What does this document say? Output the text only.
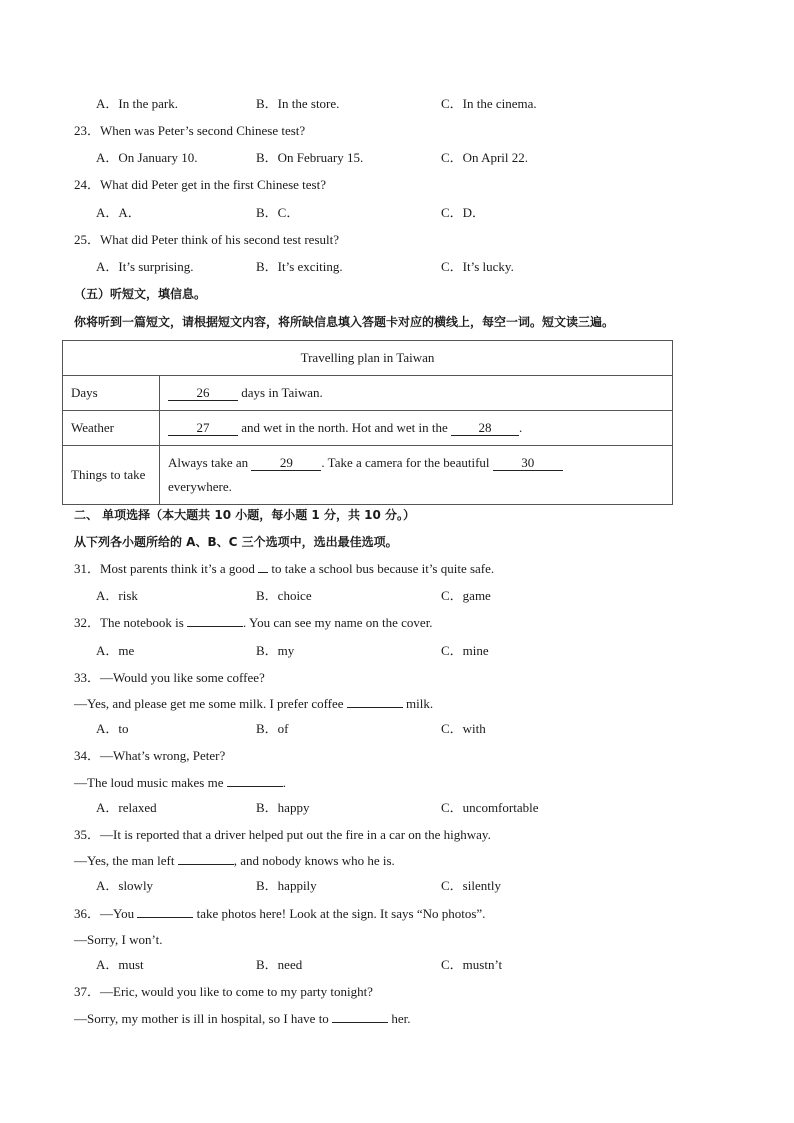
A．In the park.	B．In the store.	C．In the cinema.
23．When was Peter’s second Chinese test?
A．On January 10.	B．On February 15.	C．On April 22.
24．What did Peter get in the first Chinese test?
A．A．	B．C．	C．D．
25．What did Peter think of his second test result?
A．It’s surprising.	B．It’s exciting.	C．It’s lucky.
（五）听短文，填信息。
你将听到一篇短文，请根据短文内容，将所缺信息填入答题卡对应的横线上，每空一词。短文读三遍。
Travelling plan in Taiwan	
Days	26 days in Taiwan.
Weather	27 and wet in the north. Hot and wet in the 28 .
Things to take	Always take an 29 . Take a camera for the beautiful 30
everywhere.
二、 单项选择（本大题共 10 小题，每小题 1 分，共 10 分。）
从下列各小题所给的 A、B、C 三个选项中，选出最佳选项。
31．Most parents think it’s a good to take a school bus because it’s quite safe.
A．risk	B．choice	C．game
32．The notebook is	. You can see my name on the cover.
A．me	B．my	C．mine
33．—Would you like some coffee?
—Yes, and please get me some milk. I prefer coffee	milk.
A．to	B．of	C．with
34．—What’s wrong, Peter?
—The loud music makes me	.
A．relaxed	B．happy	C．uncomfortable
35．—It is reported that a driver helped put out the fire in a car on the highway.
—Yes, the man left	, and nobody knows who he is.
A．slowly	B．happily	C．silently
36．—You	take photos here! Look at the sign. It says “No photos”.
—Sorry, I won’t.
A．must	B．need	C．mustn’t
37．—Eric, would you like to come to my party tonight?
—Sorry, my mother is ill in hospital, so I have to	her.
